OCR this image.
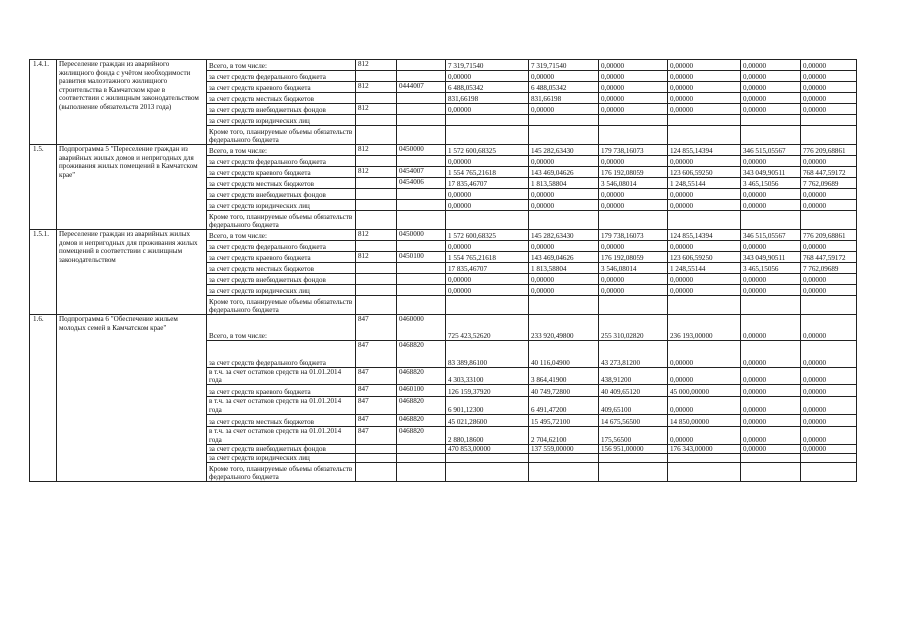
1.4.1.	Переселение граждан из аварийного жилищного фонда с учётом необходимости развития малоэтажного жилищного строительства в Камчатском крае в соответствии с жилищным законодательством (выполнение обязательств 2013 года)	Всего, в том числе:	812		7 319,71540	7 319,71540	0,00000	0,00000	0,00000	0,00000
		за счет средств федерального бюджета			0,00000	0,00000	0,00000	0,00000	0,00000	0,00000
		за счет средств краевого бюджета	812	0444007	6 488,05342	6 488,05342	0,00000	0,00000	0,00000	0,00000
		за счет средств местных бюджетов			831,66198	831,66198	0,00000	0,00000	0,00000	0,00000
		за счет средств внебюджетных фондов	812		0,00000	0,00000	0,00000	0,00000	0,00000	0,00000
		за счет средств юридических лиц								
		Кроме того, планируемые объемы обязательств федерального бюджета								
1.5.	Подпрограмма 5 "Переселение граждан из аварийных жилых домов и непригодных для проживания жилых помещений в Камчатском крае"	Всего, в том числе:	812	0450000	1 572 600,68325	145 282,63430	179 738,16073	124 855,14394	346 515,05567	776 209,68861
		за счет средств федерального бюджета			0,00000	0,00000	0,00000	0,00000	0,00000	0,00000
		за счет средств краевого бюджета	812	0454007	1 554 765,21618	143 469,04626	176 192,08059	123 606,59250	343 049,90511	768 447,59172
		за счет средств местных бюджетов		0454006	17 835,46707	1 813,58804	3 546,08014	1 248,55144	3 465,15056	7 762,09689
		за счет средств внебюджетных фондов			0,00000	0,00000	0,00000	0,00000	0,00000	0,00000
		за счет средств юридических лиц			0,00000	0,00000	0,00000	0,00000	0,00000	0,00000
		Кроме того, планируемые объемы обязательств федерального бюджета								
1.5.1.	Переселение граждан из аварийных жилых домов и непригодных для проживания жилых помещений в соответствии с жилищным законодательством	Всего, в том числе:	812	0450000	1 572 600,68325	145 282,63430	179 738,16073	124 855,14394	346 515,05567	776 209,68861
		за счет средств федерального бюджета			0,00000	0,00000	0,00000	0,00000	0,00000	0,00000
		за счет средств краевого бюджета	812	0450100	1 554 765,21618	143 469,04626	176 192,08059	123 606,59250	343 049,90511	768 447,59172
		за счет средств местных бюджетов			17 835,46707	1 813,58804	3 546,08014	1 248,55144	3 465,15056	7 762,09689
		за счет средств внебюджетных фондов			0,00000	0,00000	0,00000	0,00000	0,00000	0,00000
		за счет средств юридических лиц			0,00000	0,00000	0,00000	0,00000	0,00000	0,00000
		Кроме того, планируемые объемы обязательств федерального бюджета								
1.6.	Подпрограмма 6 "Обеспечение жильем молодых семей в Камчатском крае"	Всего, в том числе:	847	0460000	725 423,52620	233 920,49800	255 310,02820	236 193,00000	0,00000	0,00000
		за счет средств федерального бюджета	847	0468820	83 389,86100	40 116,04900	43 273,81200	0,00000	0,00000	0,00000
		в т.ч. за счет остатков средств на 01.01.2014 года	847	0468820	4 303,33100	3 864,41900	438,91200	0,00000	0,00000	0,00000
		за счет средств краевого бюджета	847	0460100	126 159,37920	40 749,72800	40 409,65120	45 000,00000	0,00000	0,00000
		в т.ч. за счет остатков средств на 01.01.2014 года	847	0468820	6 901,12300	6 491,47200	409,65100	0,00000	0,00000	0,00000
		за счет средств местных бюджетов	847	0468820	45 021,28600	15 495,72100	14 675,56500	14 850,00000	0,00000	0,00000
		в т.ч. за счет остатков средств на 01.01.2014 года	847	0468820	2 880,18600	2 704,62100	175,56500	0,00000	0,00000	0,00000
		за счет средств внебюджетных фондов			470 853,00000	137 559,00000	156 951,00000	176 343,00000	0,00000	0,00000
		за счет средств юридических лиц								
		Кроме того, планируемые объемы обязательств федерального бюджета								
